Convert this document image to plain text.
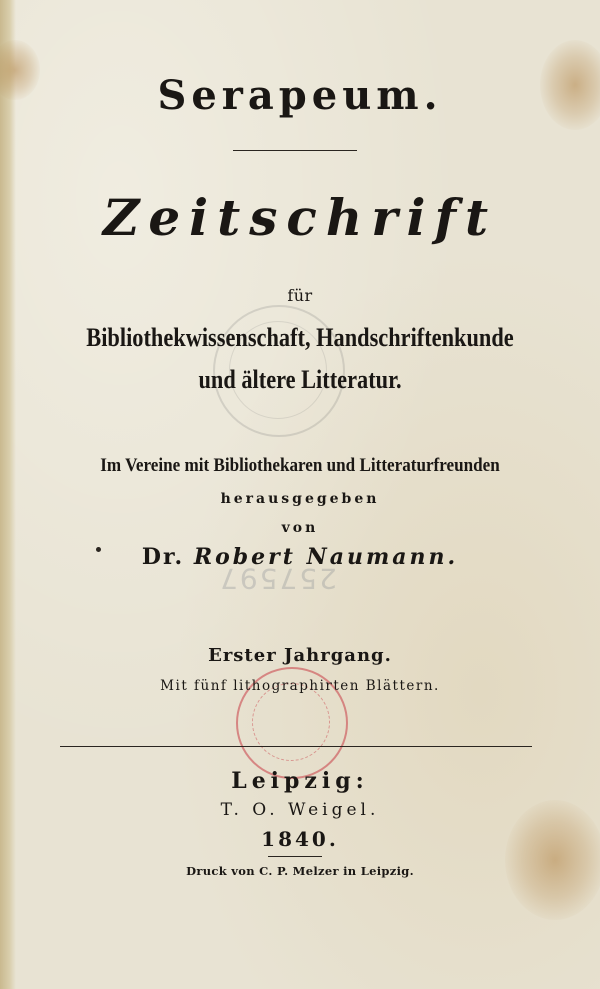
257597
Serapeum.
Zeitschrift
für
Bibliothekwissenschaft, Handschriftenkunde
und ältere Litteratur.
Im Vereine mit Bibliothekaren und Litteraturfreunden
herausgegeben
von
Dr. Robert Naumann.
Erster Jahrgang.
Mit fünf lithographirten Blättern.
Leipzig:
T. O. Weigel.
1840.
Druck von C. P. Melzer in Leipzig.
